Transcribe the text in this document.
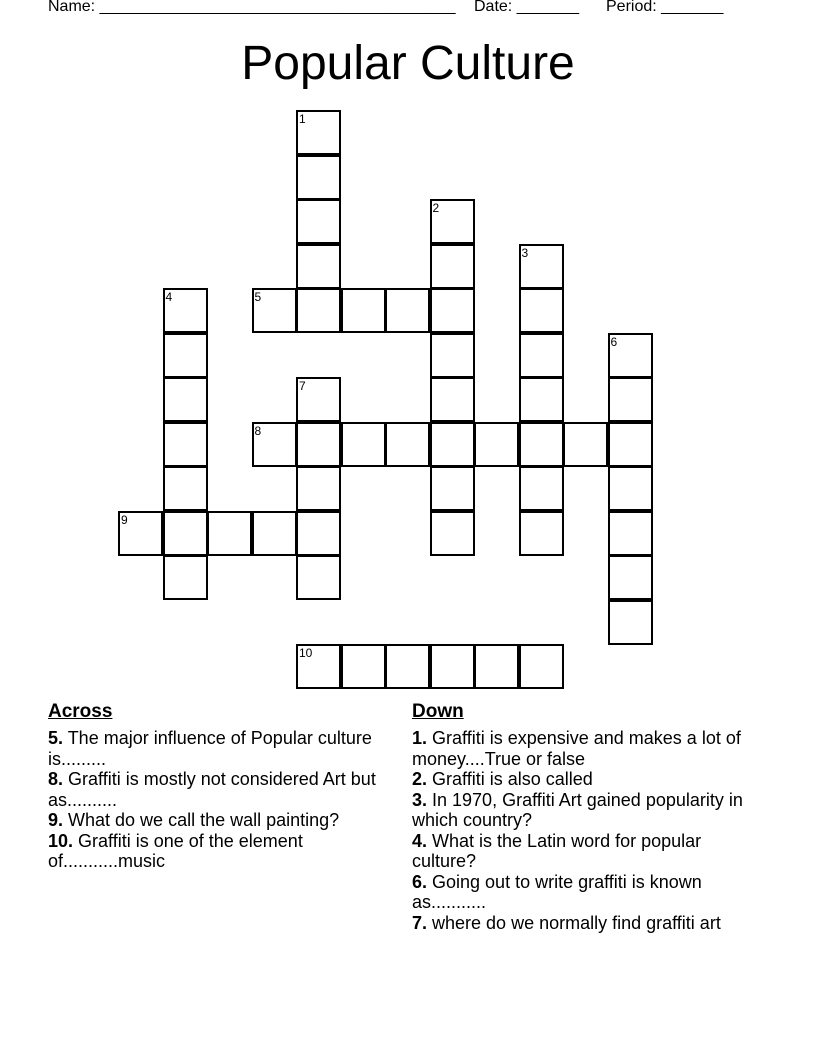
Name: ________________________________________ Date: _______ Period: _______
Popular Culture
1
2
3
4	5
6
7
8
9
10
Across
5. The major influence of Popular culture is.........
8. Graffiti is mostly not considered Art but as..........
9. What do we call the wall painting?
10. Graffiti is one of the element of...........music
Down
1. Graffiti is expensive and makes a lot of money....True or false
2. Graffiti is also called
3. In 1970, Graffiti Art gained popularity in which country?
4. What is the Latin word for popular culture?
6. Going out to write graffiti is known as...........
7. where do we normally find graffiti art
